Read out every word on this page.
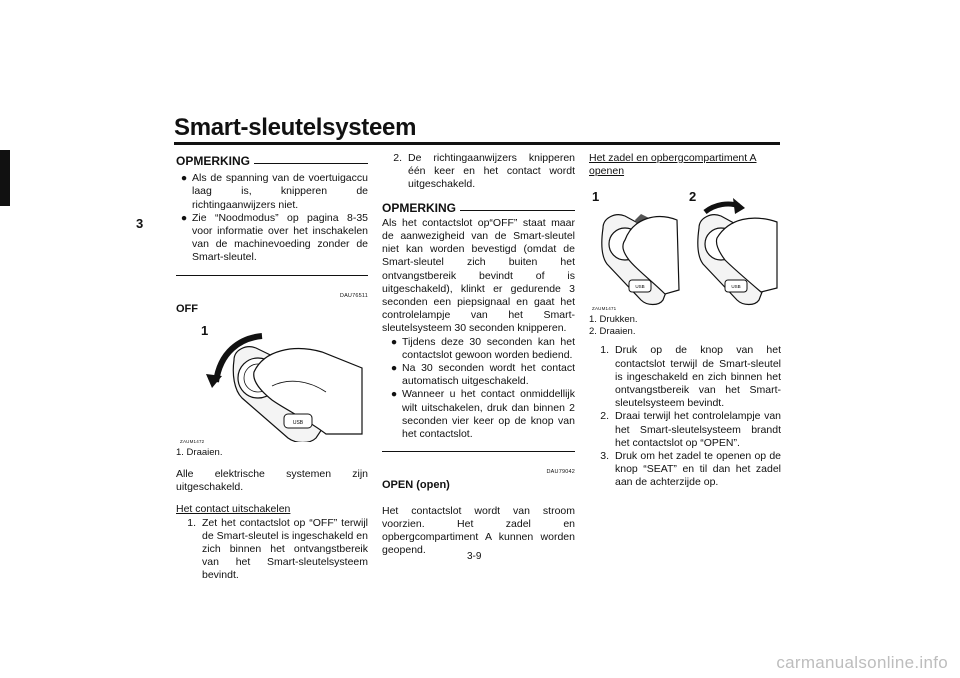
Smart-sleutelsysteem
3
OPMERKING
● Als de spanning van de voertuigaccu laag is, knipperen de richtingaanwijzers niet.
● Zie “Noodmodus” op pagina 8-35 voor informatie over het inschakelen van de machinevoeding zonder de Smart-sleutel.
DAU76511
OFF
1
USB
ZAUM1472
1. Draaien.

Alle elektrische systemen zijn uitgeschakeld.

Het contact uitschakelen

1. Zet het contactslot op “OFF” terwijl de Smart-sleutel is ingeschakeld en zich binnen het ontvangstbereik van het Smart-sleutelsysteem bevindt.
2. De richtingaanwijzers knipperen één keer en het contact wordt uitgeschakeld.
OPMERKING

Als het contactslot op“OFF” staat maar de aanwezigheid van de Smart-sleutel niet kan worden bevestigd (omdat de Smart-sleutel zich buiten het ontvangstbereik bevindt of is uitgeschakeld), klinkt er gedurende 3 seconden een piepsignaal en gaat het controlelampje van het Smart-sleutelsysteem 30 seconden knipperen.

● Tijdens deze 30 seconden kan het contactslot gewoon worden bediend.
● Na 30 seconden wordt het contact automatisch uitgeschakeld.
● Wanneer u het contact onmiddellijk wilt uitschakelen, druk dan binnen 2 seconden vier keer op de knop van het contactslot.
DAU79042
OPEN (open)

Het contactslot wordt van stroom voorzien. Het zadel en opbergcompartiment A kunnen worden geopend.

Het zadel en opbergcompartiment A openen

1	2
USB	USB
ZAUM1471
1. Drukken.
2. Draaien.
1. Druk op de knop van het contactslot terwijl de Smart-sleutel is ingeschakeld en zich binnen het ontvangstbereik van het Smart-sleutelsysteem bevindt.
2. Draai terwijl het controlelampje van het Smart-sleutelsysteem brandt het contactslot op “OPEN”.
3. Druk om het zadel te openen op de knop “SEAT” en til dan het zadel aan de achterzijde op.
3-9
carmanualsonline.info
